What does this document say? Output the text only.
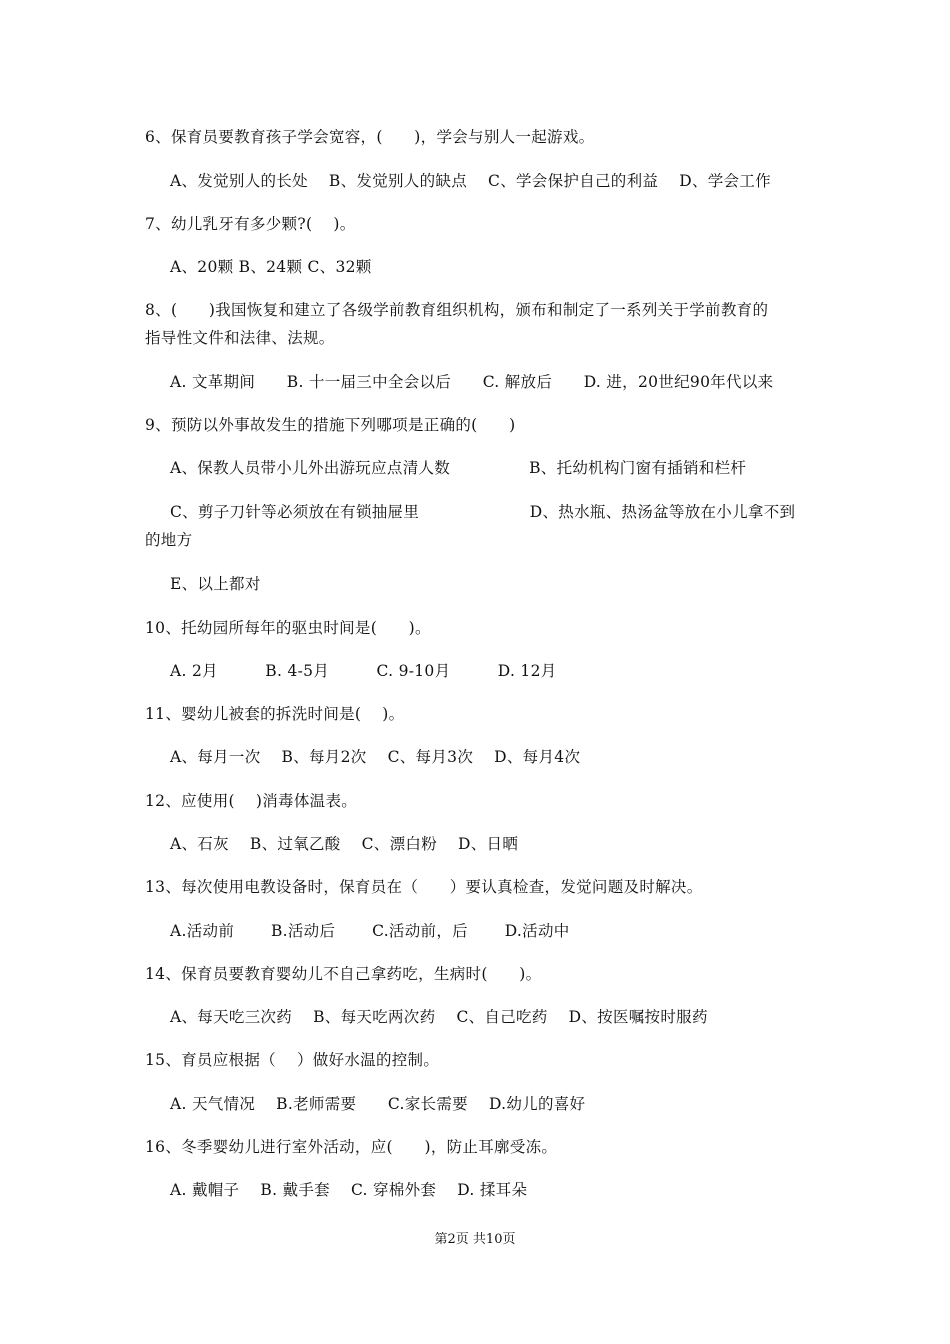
6、保育员要教育孩子学会宽容，(　　)，学会与别人一起游戏。
A、发觉别人的长处　 B、发觉别人的缺点　 C、学会保护自己的利益　 D、学会工作
7、幼儿乳牙有多少颗?(　 )。
A、20颗 B、24颗 C、32颗
8、(　　)我国恢复和建立了各级学前教育组织机构，颁布和制定了一系列关于学前教育的
指导性文件和法律、法规。
A. 文革期间　　B. 十一届三中全会以后　　C. 解放后　　D. 进，20世纪90年代以来
9、预防以外事故发生的措施下列哪项是正确的(　　)
A、保教人员带小儿外出游玩应点清人数　　　　　B、托幼机构门窗有插销和栏杆
C、剪子刀针等必须放在有锁抽屉里　　　　　　　D、热水瓶、热汤盆等放在小儿拿不到
的地方
E、以上都对
10、托幼园所每年的驱虫时间是(　　)。
A. 2月　　　B. 4-5月　　　C. 9-10月　　　D. 12月
11、婴幼儿被套的拆洗时间是(　 )。
A、每月一次　 B、每月2次　 C、每月3次　 D、每月4次
12、应使用(　 )消毒体温表。
A、石灰　 B、过氧乙酸　 C、漂白粉　 D、日晒
13、每次使用电教设备时，保育员在（　　）要认真检查，发觉问题及时解决。
A.活动前　　 B.活动后　　 C.活动前，后　　 D.活动中
14、保育员要教育婴幼儿不自己拿药吃，生病时(　　)。
A、每天吃三次药　 B、每天吃两次药　 C、自己吃药　 D、按医嘱按时服药
15、育员应根据（　 ）做好水温的控制。
A. 天气情况　 B.老师需要　　C.家长需要　 D.幼儿的喜好
16、冬季婴幼儿进行室外活动，应(　　)，防止耳廓受冻。
A. 戴帽子　 B. 戴手套　 C. 穿棉外套　 D. 揉耳朵
第2页 共10页
